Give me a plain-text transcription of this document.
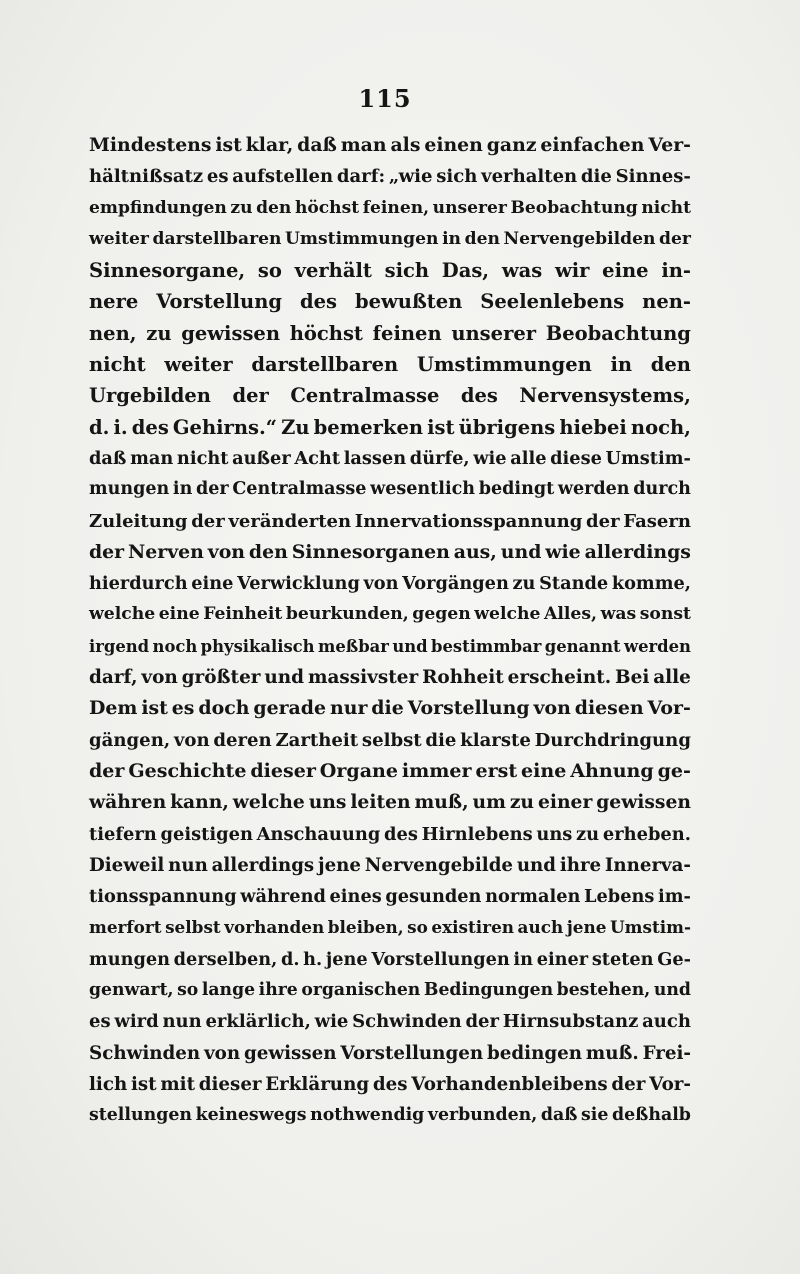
115
Mindestens ist klar, daß man als einen ganz einfachen Ver-
hältnißsatz es aufstellen darf: „wie sich verhalten die Sinnes-
empfindungen zu den höchst feinen, unserer Beobachtung nicht
weiter darstellbaren Umstimmungen in den Nervengebilden der
Sinnesorgane, so verhält sich Das, was wir eine in-
nere Vorstellung des bewußten Seelenlebens nen-
nen, zu gewissen höchst feinen unserer Beobachtung
nicht weiter darstellbaren Umstimmungen in den
Urgebilden der Centralmasse des Nervensystems,
d. i. des Gehirns.“ Zu bemerken ist übrigens hiebei noch,
daß man nicht außer Acht lassen dürfe, wie alle diese Umstim-
mungen in der Centralmasse wesentlich bedingt werden durch
Zuleitung der veränderten Innervationsspannung der Fasern
der Nerven von den Sinnesorganen aus, und wie allerdings
hierdurch eine Verwicklung von Vorgängen zu Stande komme,
welche eine Feinheit beurkunden, gegen welche Alles, was sonst
irgend noch physikalisch meßbar und bestimmbar genannt werden
darf, von größter und massivster Rohheit erscheint. Bei alle
Dem ist es doch gerade nur die Vorstellung von diesen Vor-
gängen, von deren Zartheit selbst die klarste Durchdringung
der Geschichte dieser Organe immer erst eine Ahnung ge-
währen kann, welche uns leiten muß, um zu einer gewissen
tiefern geistigen Anschauung des Hirnlebens uns zu erheben.
Dieweil nun allerdings jene Nervengebilde und ihre Innerva-
tionsspannung während eines gesunden normalen Lebens im-
merfort selbst vorhanden bleiben, so existiren auch jene Umstim-
mungen derselben, d. h. jene Vorstellungen in einer steten Ge-
genwart, so lange ihre organischen Bedingungen bestehen, und
es wird nun erklärlich, wie Schwinden der Hirnsubstanz auch
Schwinden von gewissen Vorstellungen bedingen muß. Frei-
lich ist mit dieser Erklärung des Vorhandenbleibens der Vor-
stellungen keineswegs nothwendig verbunden, daß sie deßhalb
